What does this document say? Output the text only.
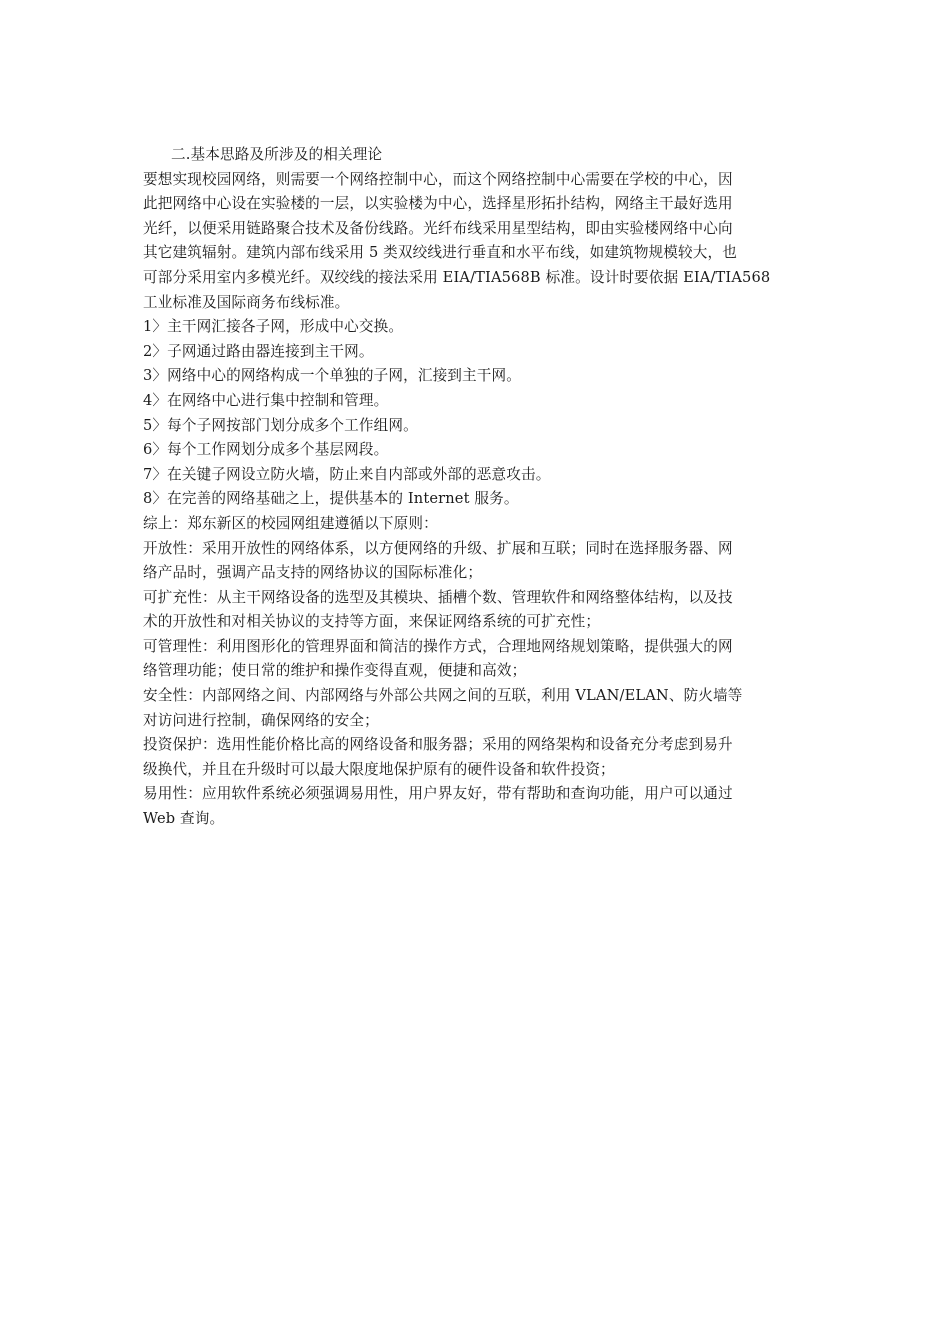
二.基本思路及所涉及的相关理论

要想实现校园网络，则需要一个网络控制中心，而这个网络控制中心需要在学校的中心，因

此把网络中心设在实验楼的一层，以实验楼为中心，选择星形拓扑结构，网络主干最好选用

光纤，以便采用链路聚合技术及备份线路。光纤布线采用星型结构，即由实验楼网络中心向

其它建筑辐射。建筑内部布线采用 5 类双绞线进行垂直和水平布线，如建筑物规模较大，也

可部分采用室内多模光纤。双绞线的接法采用 EIA/TIA568B 标准。设计时要依据 EIA/TIA568

工业标准及国际商务布线标准。

1〉主干网汇接各子网，形成中心交换。

2〉子网通过路由器连接到主干网。

3〉网络中心的网络构成一个单独的子网，汇接到主干网。

4〉在网络中心进行集中控制和管理。

5〉每个子网按部门划分成多个工作组网。

6〉每个工作网划分成多个基层网段。

7〉在关键子网设立防火墙，防止来自内部或外部的恶意攻击。

8〉在完善的网络基础之上，提供基本的 Internet 服务。

综上：郑东新区的校园网组建遵循以下原则：

开放性：采用开放性的网络体系，以方便网络的升级、扩展和互联；同时在选择服务器、网

络产品时，强调产品支持的网络协议的国际标准化；

可扩充性：从主干网络设备的选型及其模块、插槽个数、管理软件和网络整体结构，以及技

术的开放性和对相关协议的支持等方面，来保证网络系统的可扩充性；

可管理性：利用图形化的管理界面和简洁的操作方式，合理地网络规划策略，提供强大的网

络管理功能；使日常的维护和操作变得直观，便捷和高效；

安全性：内部网络之间、内部网络与外部公共网之间的互联，利用 VLAN/ELAN、防火墙等

对访问进行控制，确保网络的安全；

投资保护：选用性能价格比高的网络设备和服务器；采用的网络架构和设备充分考虑到易升

级换代，并且在升级时可以最大限度地保护原有的硬件设备和软件投资；

易用性：应用软件系统必须强调易用性，用户界友好，带有帮助和查询功能，用户可以通过

Web 查询。
